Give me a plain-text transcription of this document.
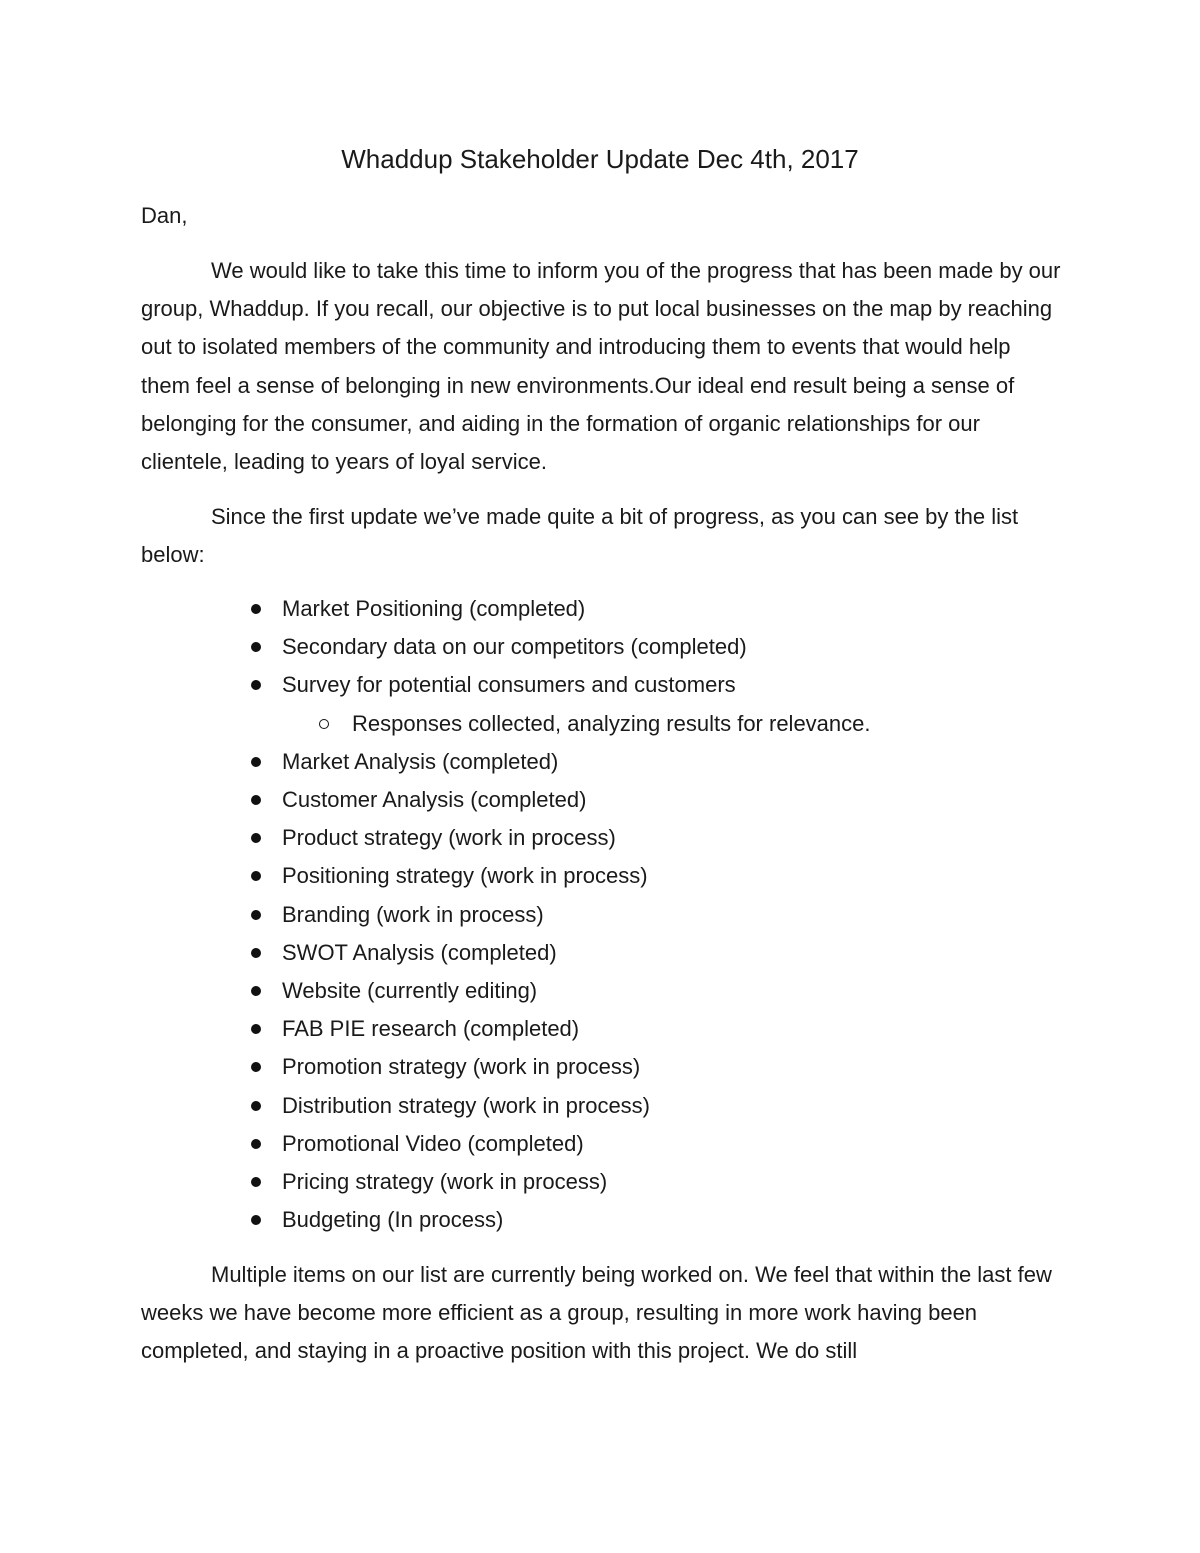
Whaddup Stakeholder Update Dec 4th, 2017

Dan,

We would like to take this time to inform you of the progress that has been made by our group, Whaddup. If you recall, our objective is to put local businesses on the map by reaching out to isolated members of the community and introducing them to events that would help them feel a sense of belonging in new environments.Our ideal end result being a sense of belonging for the consumer, and aiding in the formation of organic relationships for our clientele, leading to years of loyal service.

Since the first update we’ve made quite a bit of progress, as you can see by the list below:

Market Positioning (completed)
Secondary data on our competitors (completed)
Survey for potential consumers and customers
Responses collected, analyzing results for relevance.
Market Analysis (completed)
Customer Analysis (completed)
Product strategy (work in process)
Positioning strategy (work in process)
Branding (work in process)
SWOT Analysis (completed)
Website (currently editing)
FAB PIE research (completed)
Promotion strategy (work in process)
Distribution strategy (work in process)
Promotional Video (completed)
Pricing strategy (work in process)
Budgeting (In process)

Multiple items on our list are currently being worked on. We feel that within the last few weeks we have become more efficient as a group, resulting in more work having been completed, and staying in a proactive position with this project. We do still
